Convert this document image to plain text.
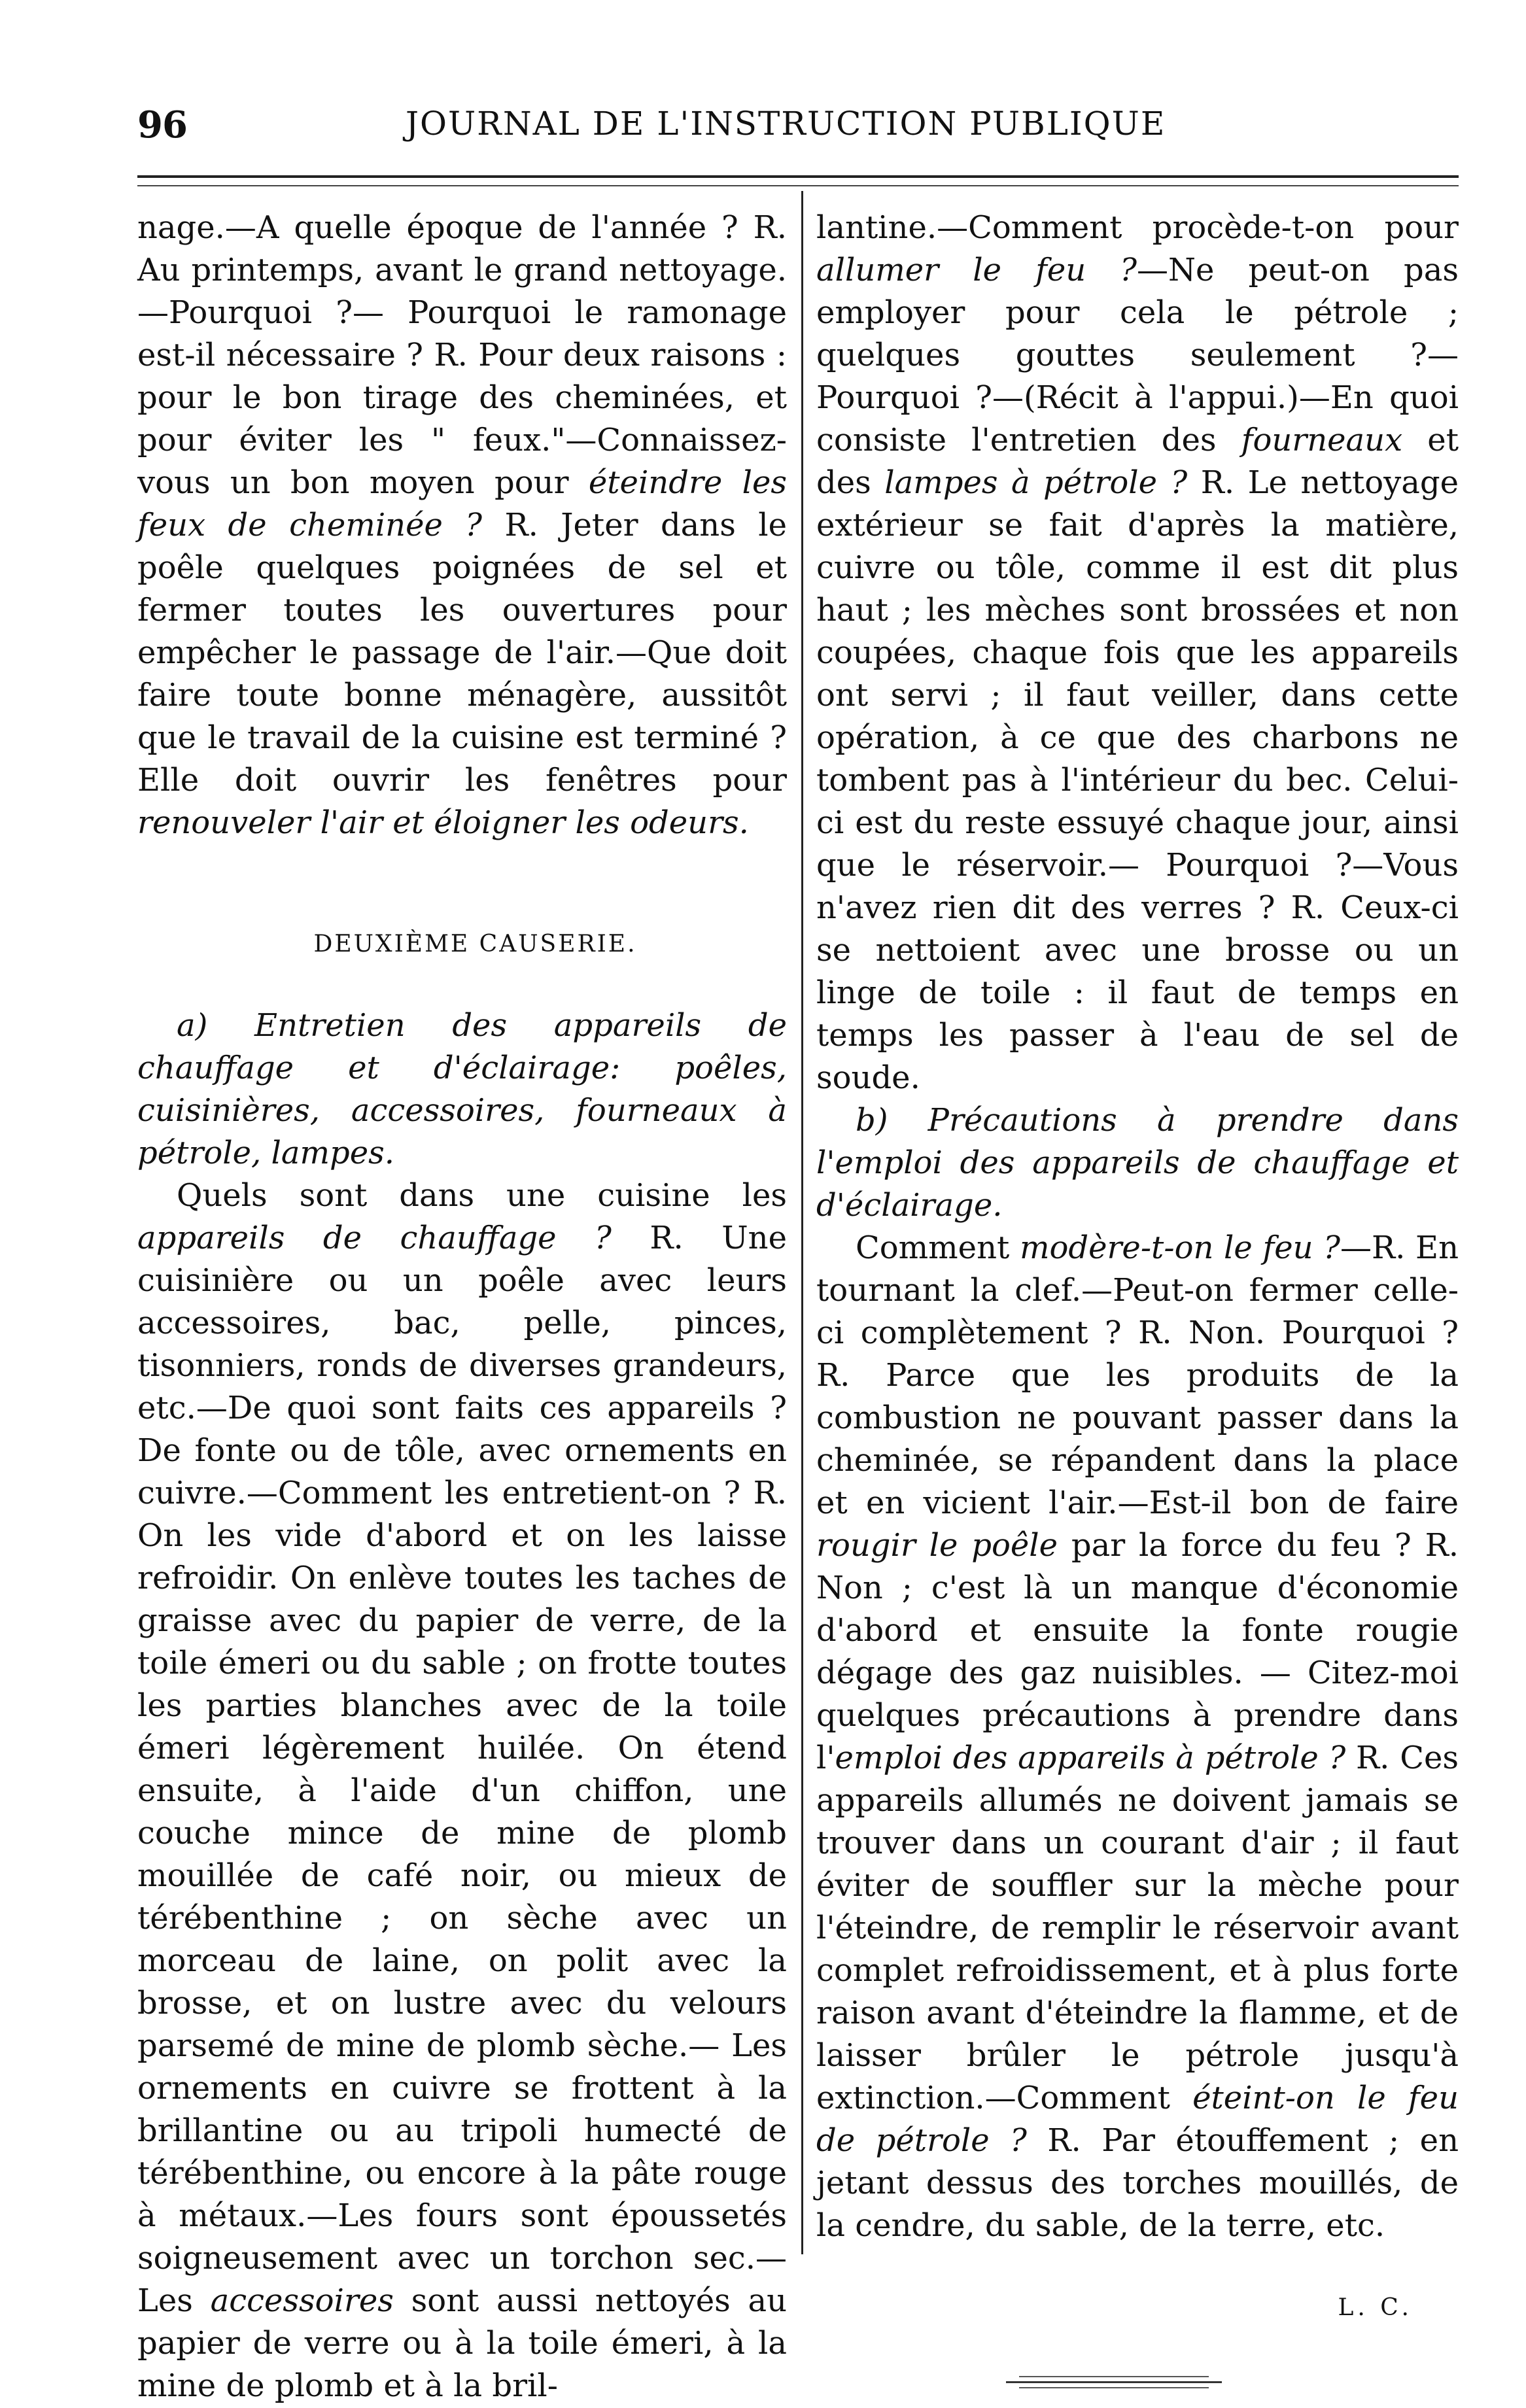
96	JOURNAL DE L'INSTRUCTION PUBLIQUE

nage.—A quelle époque de l'année ? R. Au printemps, avant le grand nettoyage. —Pourquoi ?— Pourquoi le ramonage est-il nécessaire ? R. Pour deux raisons : pour le bon tirage des cheminées, et pour éviter les " feux."—Connaissez-vous un bon moyen pour éteindre les feux de cheminée ? R. Jeter dans le poêle quelques poignées de sel et fermer toutes les ouvertures pour empêcher le passage de l'air.—Que doit faire toute bonne ménagère, aussitôt que le travail de la cuisine est terminé ? Elle doit ouvrir les fenêtres pour renouveler l'air et éloigner les odeurs.

DEUXIÈME CAUSERIE.

a) Entretien des appareils de chauffage et d'éclairage: poêles, cuisinières, accessoires, fourneaux à pétrole, lampes.

Quels sont dans une cuisine les appareils de chauffage ? R. Une cuisinière ou un poêle avec leurs accessoires, bac, pelle, pinces, tisonniers, ronds de diverses grandeurs, etc.—De quoi sont faits ces appareils ? De fonte ou de tôle, avec ornements en cuivre.—Comment les entretient-on ? R. On les vide d'abord et on les laisse refroidir. On enlève toutes les taches de graisse avec du papier de verre, de la toile émeri ou du sable ; on frotte toutes les parties blanches avec de la toile émeri légèrement huilée. On étend ensuite, à l'aide d'un chiffon, une couche mince de mine de plomb mouillée de café noir, ou mieux de térébenthine ; on sèche avec un morceau de laine, on polit avec la brosse, et on lustre avec du velours parsemé de mine de plomb sèche.— Les ornements en cuivre se frottent à la brillantine ou au tripoli humecté de térébenthine, ou encore à la pâte rouge à métaux.—Les fours sont époussetés soigneusement avec un torchon sec.—Les accessoires sont aussi nettoyés au papier de verre ou à la toile émeri, à la mine de plomb et à la bril-

lantine.—Comment procède-t-on pour allumer le feu ?—Ne peut-on pas employer pour cela le pétrole ; quelques gouttes seulement ?—Pourquoi ?—(Récit à l'appui.)—En quoi consiste l'entretien des fourneaux et des lampes à pétrole ? R. Le nettoyage extérieur se fait d'après la matière, cuivre ou tôle, comme il est dit plus haut ; les mèches sont brossées et non coupées, chaque fois que les appareils ont servi ; il faut veiller, dans cette opération, à ce que des charbons ne tombent pas à l'intérieur du bec. Celui-ci est du reste essuyé chaque jour, ainsi que le réservoir.— Pourquoi ?—Vous n'avez rien dit des verres ? R. Ceux-ci se nettoient avec une brosse ou un linge de toile : il faut de temps en temps les passer à l'eau de sel de soude.

b) Précautions à prendre dans l'emploi des appareils de chauffage et d'éclairage.

Comment modère-t-on le feu ?—R. En tournant la clef.—Peut-on fermer celle-ci complètement ? R. Non. Pourquoi ? R. Parce que les produits de la combustion ne pouvant passer dans la cheminée, se répandent dans la place et en vicient l'air.—Est-il bon de faire rougir le poêle par la force du feu ? R. Non ; c'est là un manque d'économie d'abord et ensuite la fonte rougie dégage des gaz nuisibles. — Citez-moi quelques précautions à prendre dans l'emploi des appareils à pétrole ? R. Ces appareils allumés ne doivent jamais se trouver dans un courant d'air ; il faut éviter de souffler sur la mèche pour l'éteindre, de remplir le réservoir avant complet refroidissement, et à plus forte raison avant d'éteindre la flamme, et de laisser brûler le pétrole jusqu'à extinction.—Comment éteint-on le feu de pétrole ? R. Par étouffement ; en jetant dessus des torches mouillés, de la cendre, du sable, de la terre, etc.

L. C.
